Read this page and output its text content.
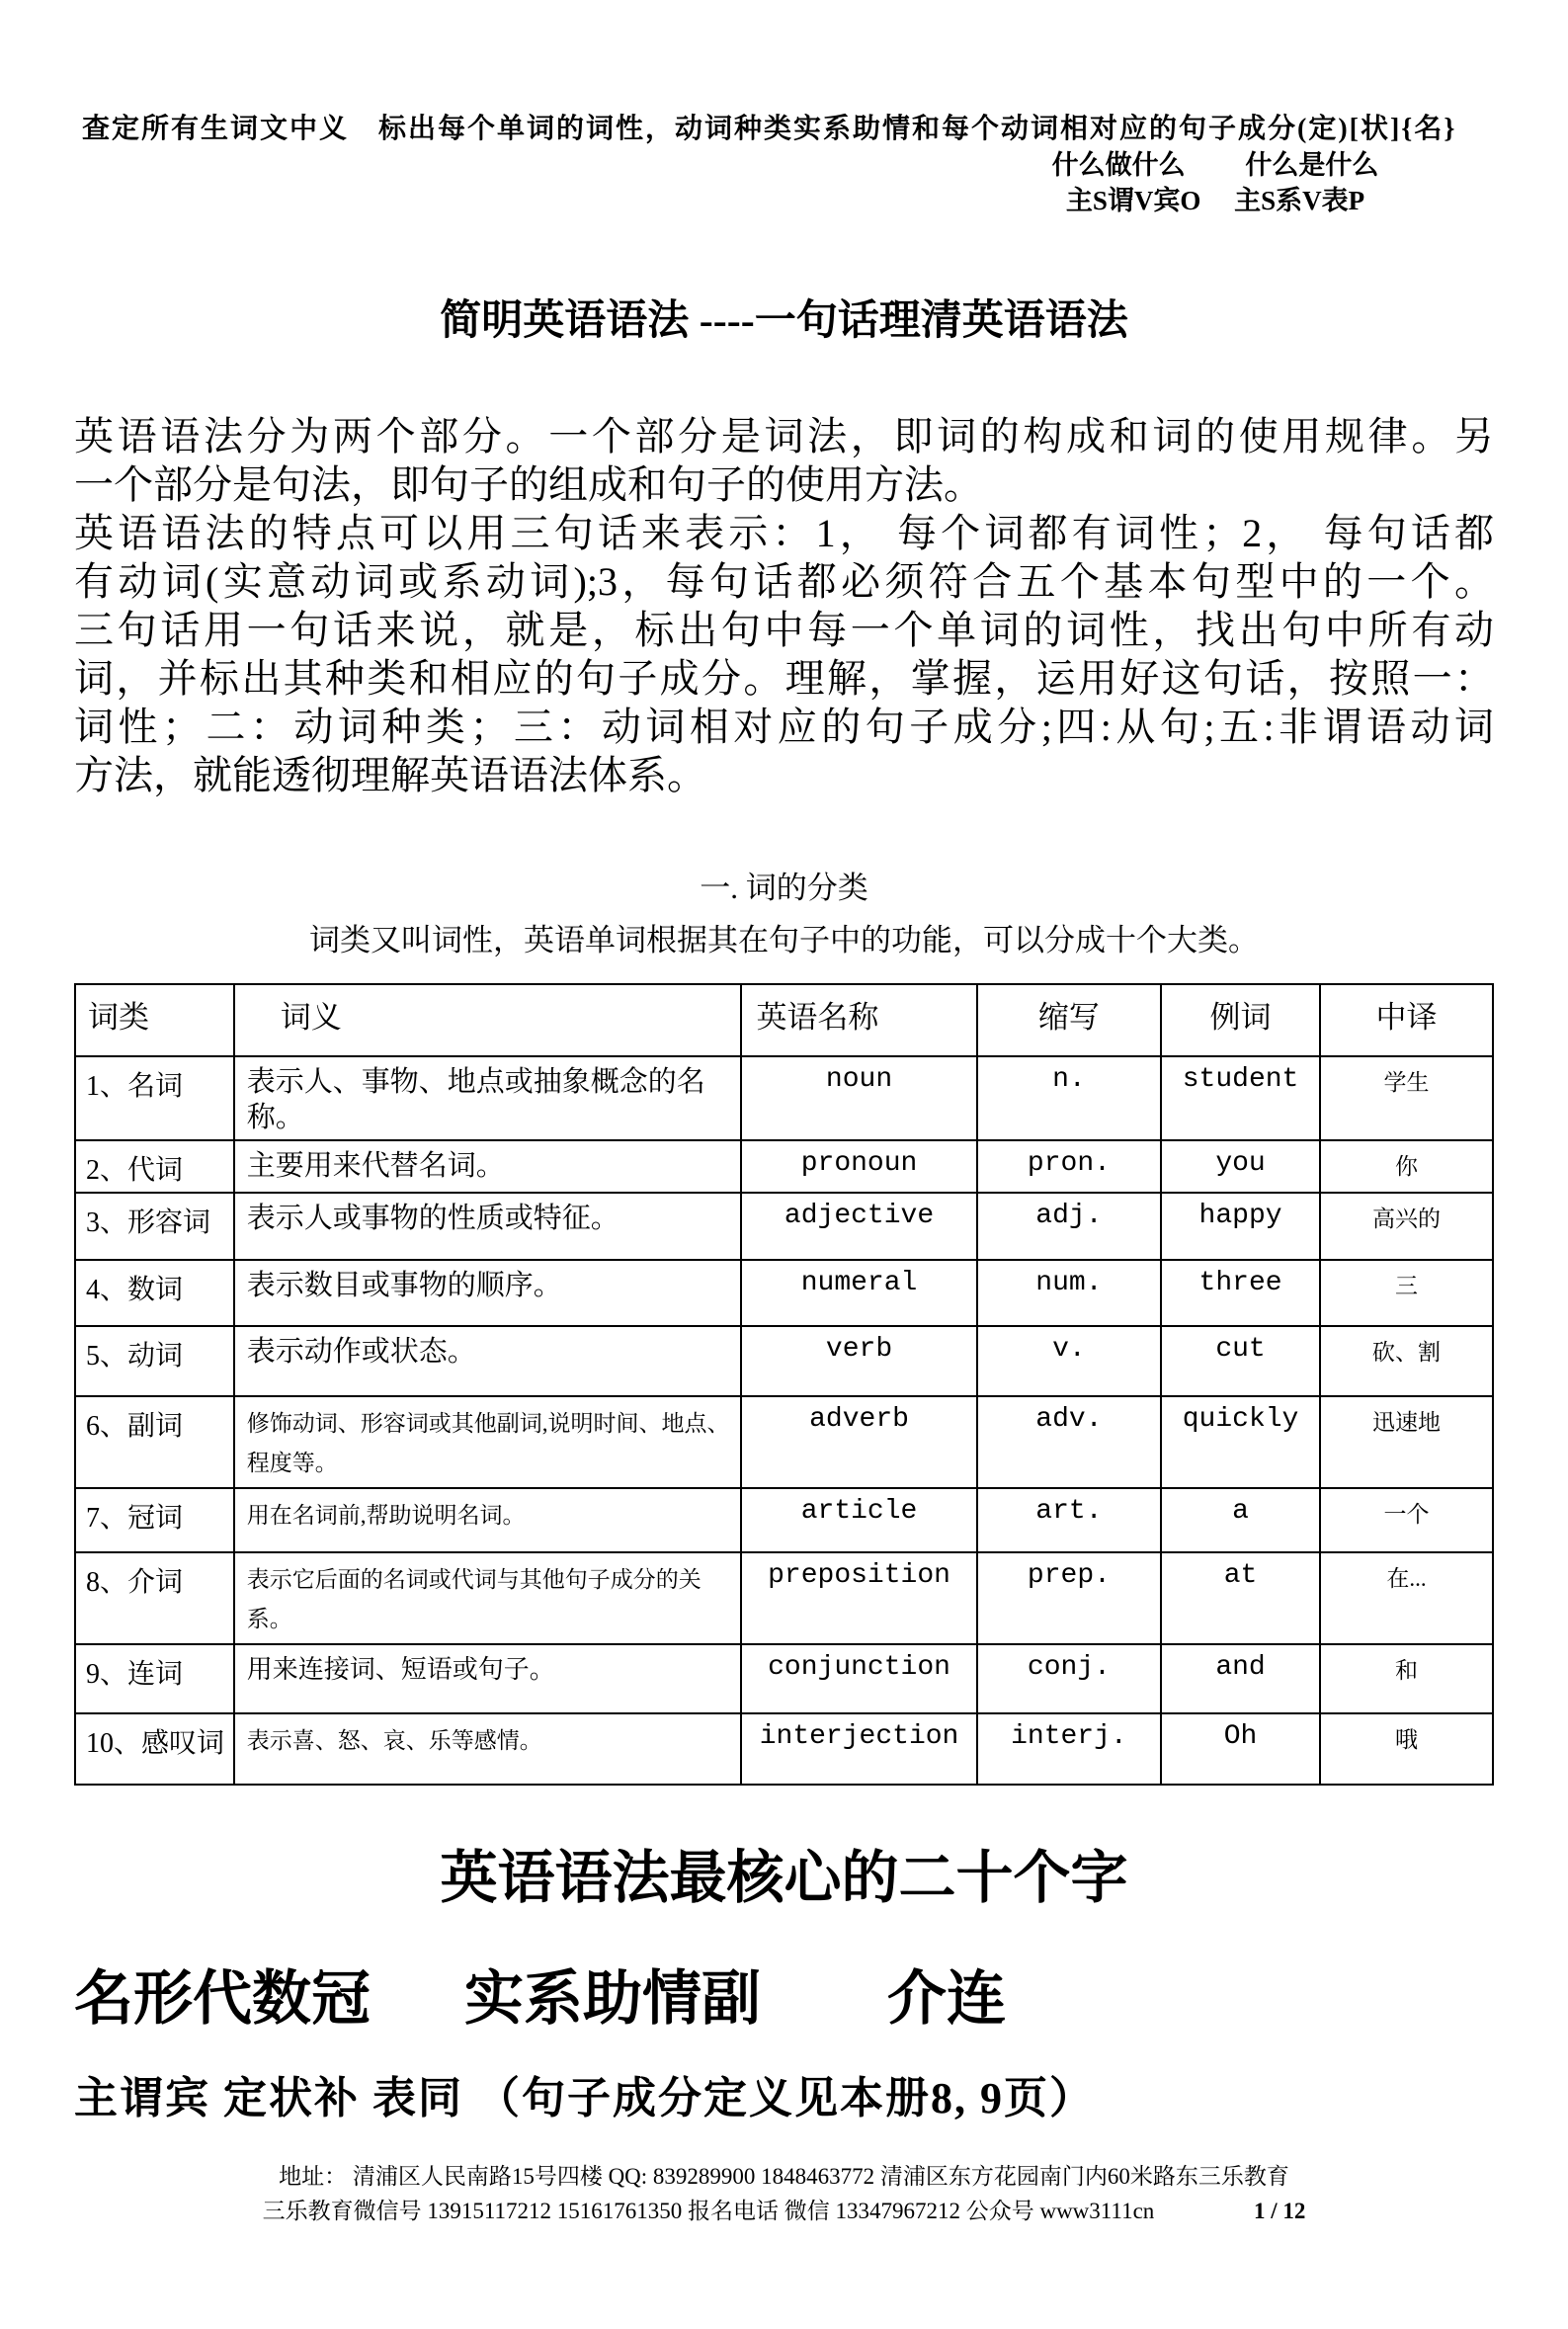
查定所有生词文中义　标出每个单词的词性，动词种类实系助情和每个动词相对应的句子成分(定)[状]{名}
什么做什么　　 什么是什么
主S谓V宾O　 主S系V表P
简明英语语法 ----一句话理清英语语法
英语语法分为两个部分。一个部分是词法，即词的构成和词的使用规律。另
一个部分是句法，即句子的组成和句子的使用方法。
英语语法的特点可以用三句话来表示：1， 每个词都有词性；2， 每句话都
有动词(实意动词或系动词);3，每句话都必须符合五个基本句型中的一个。
三句话用一句话来说，就是，标出句中每一个单词的词性，找出句中所有动
词，并标出其种类和相应的句子成分。理解，掌握，运用好这句话，按照一：
词性；二：动词种类；三：动词相对应的句子成分;四:从句;五:非谓语动词
方法，就能透彻理解英语语法体系。
一. 词的分类
词类又叫词性，英语单词根据其在句子中的功能，可以分成十个大类。
词类	词义	英语名称	缩写	例词	中译
1、名词	表示人、事物、地点或抽象概念的名称。	noun	n.	student	学生
2、代词	主要用来代替名词。	pronoun	pron.	you	你
3、形容词	表示人或事物的性质或特征。	adjective	adj.	happy	高兴的
4、数词	表示数目或事物的顺序。	numeral	num.	three	三
5、动词	表示动作或状态。	verb	v.	cut	砍、割
6、副词	修饰动词、形容词或其他副词,说明时间、地点、程度等。	adverb	adv.	quickly	迅速地
7、冠词	用在名词前,帮助说明名词。	article	art.	a	一个
8、介词	表示它后面的名词或代词与其他句子成分的关系。	preposition	prep.	at	在...
9、连词	用来连接词、短语或句子。	conjunction	conj.	and	和
10、感叹词	表示喜、怒、哀、乐等感情。	interjection	interj.	Oh	哦
英语语法最核心的二十个字
名形代数冠 实系助情副 介连
主谓宾 定状补 表同 （句子成分定义见本册8, 9页）
地址： 清浦区人民南路15号四楼 QQ: 839289900 1848463772 清浦区东方花园南门内60米路东三乐教育
三乐教育微信号 13915117212 15161761350 报名电话 微信 13347967212 公众号 www3111cn	1 / 12
